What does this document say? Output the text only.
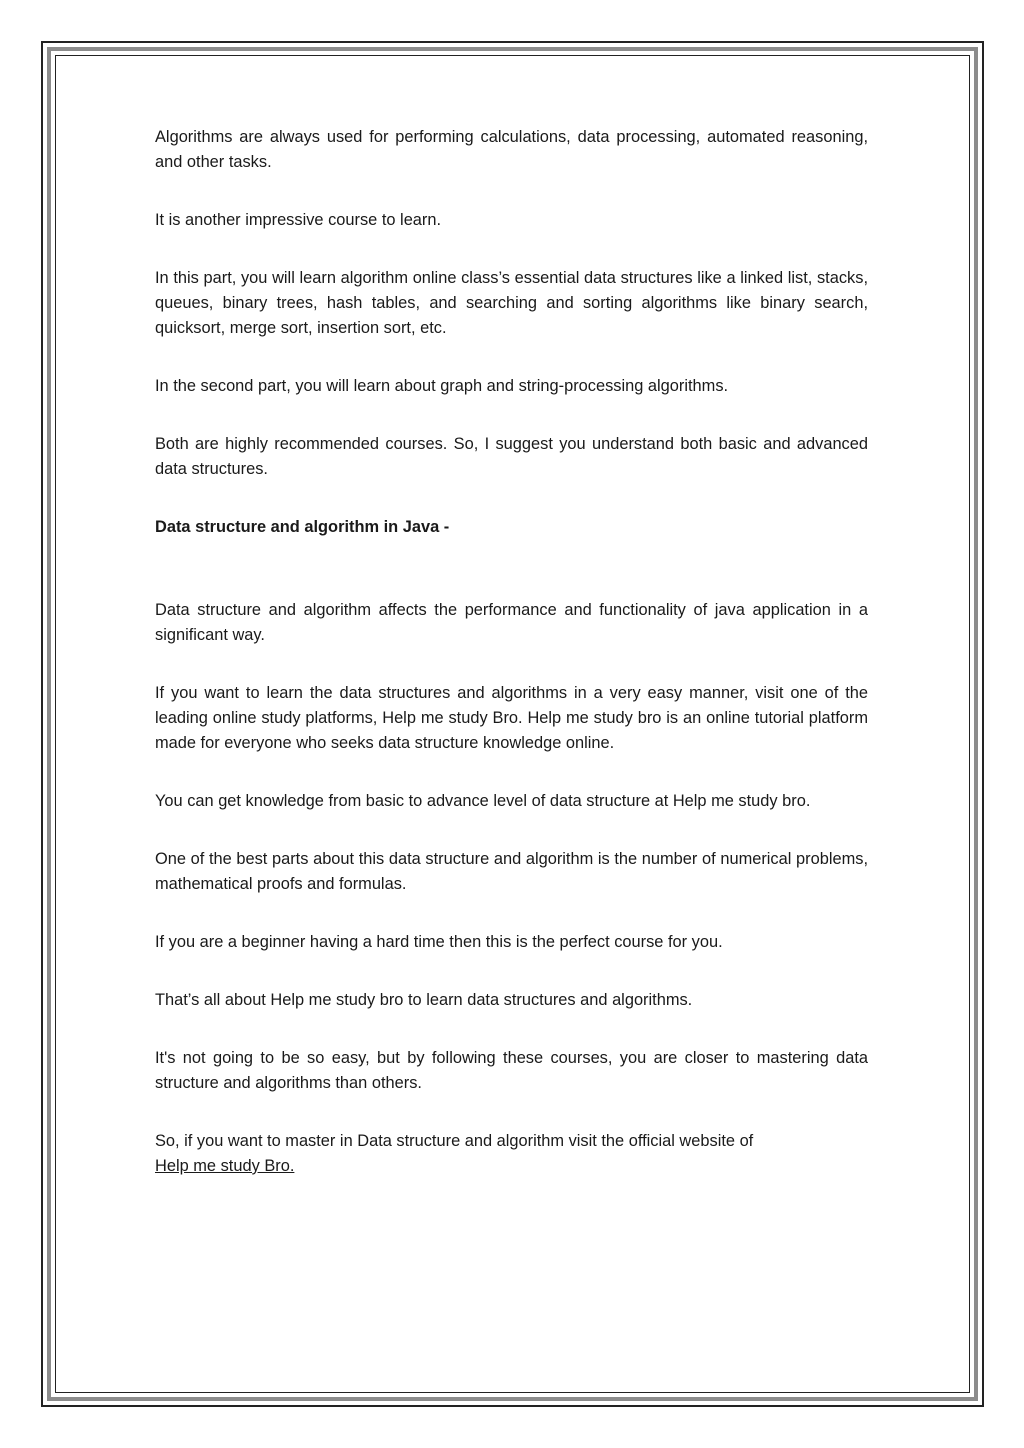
Algorithms are always used for performing calculations, data processing, automated reasoning, and other tasks.

It is another impressive course to learn.

In this part, you will learn algorithm online class’s essential data structures like a linked list, stacks, queues, binary trees, hash tables, and searching and sorting algorithms like binary search, quicksort, merge sort, insertion sort, etc.

In the second part, you will learn about graph and string-processing algorithms.

Both are highly recommended courses. So, I suggest you understand both basic and advanced data structures.

Data structure and algorithm in Java -

Data structure and algorithm affects the performance and functionality of java application in a significant way.

If you want to learn the data structures and algorithms in a very easy manner, visit one of the leading online study platforms, Help me study Bro. Help me study bro is an online tutorial platform made for everyone who seeks data structure knowledge online.

You can get knowledge from basic to advance level of data structure at Help me study bro.

One of the best parts about this data structure and algorithm is the number of numerical problems, mathematical proofs and formulas.

If you are a beginner having a hard time then this is the perfect course for you.

That’s all about Help me study bro to learn data structures and algorithms.

It's not going to be so easy, but by following these courses, you are closer to mastering data structure and algorithms than others.

So, if you want to master in Data structure and algorithm visit the official website of
Help me study Bro.
